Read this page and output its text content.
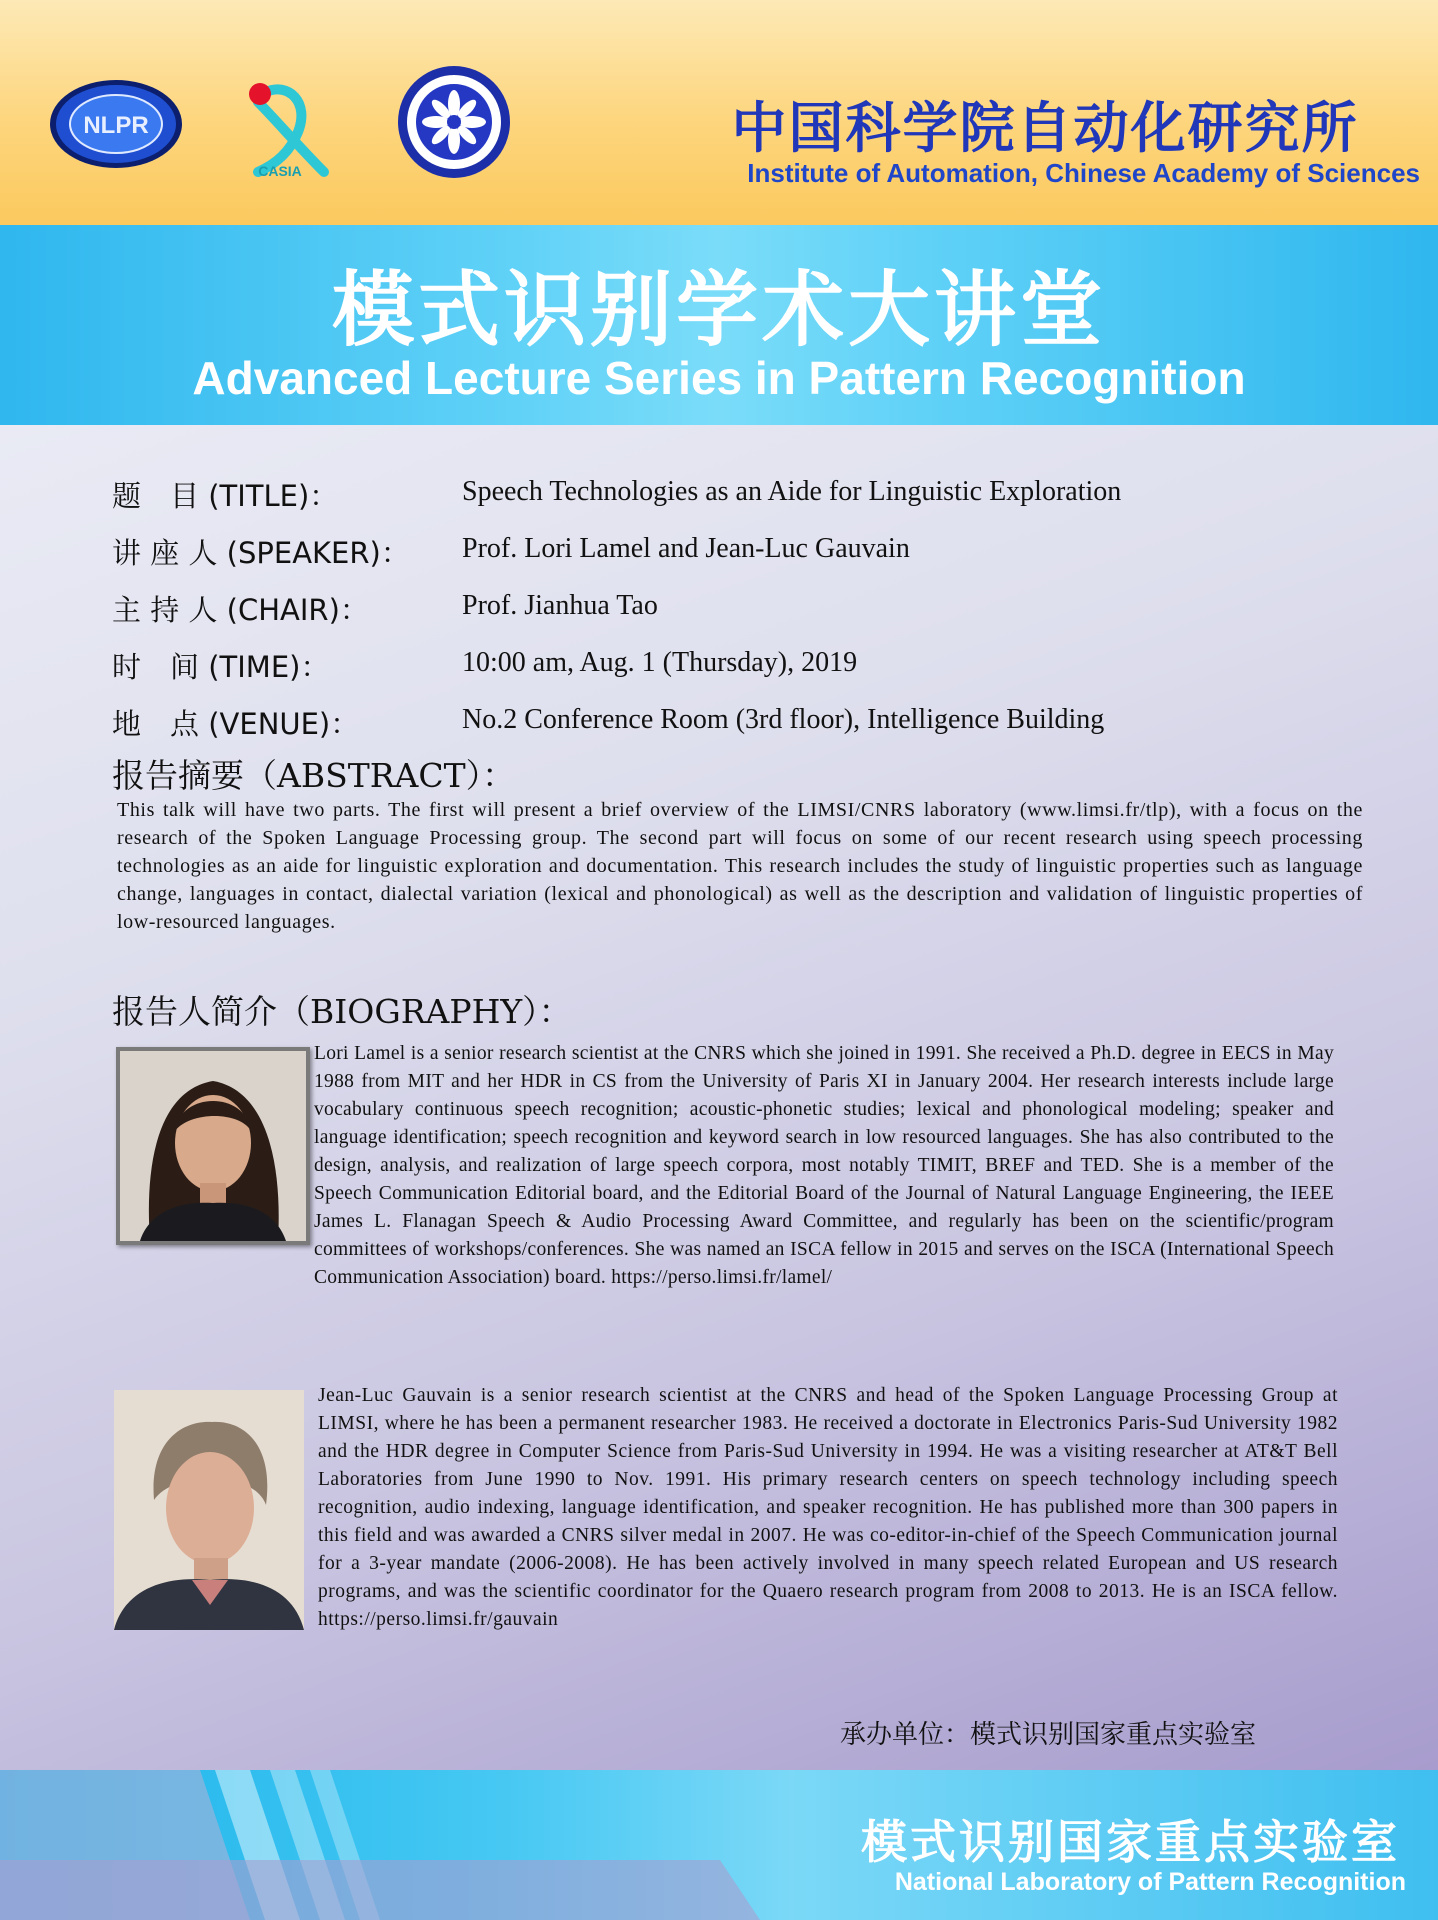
NLPR
CASIA
中国科学院自动化研究所
Institute of Automation, Chinese Academy of Sciences
模式识别学术大讲堂
Advanced Lecture Series in Pattern Recognition
题　目 (TITLE)：	Speech Technologies as an Aide for Linguistic Exploration
讲 座 人 (SPEAKER)：	Prof. Lori Lamel and Jean-Luc Gauvain
主 持 人 (CHAIR)：	Prof. Jianhua Tao
时　间 (TIME)：	10:00 am, Aug. 1 (Thursday), 2019
地　点 (VENUE)：	No.2 Conference Room (3rd floor), Intelligence Building
报告摘要（ABSTRACT）：
This talk will have two parts. The first will present a brief overview of the LIMSI/CNRS laboratory (www.limsi.fr/tlp), with a focus on the research of the Spoken Language Processing group. The second part will focus on some of our recent research using speech processing technologies as an aide for linguistic exploration and documentation. This research includes the study of linguistic properties such as language change, languages in contact, dialectal variation (lexical and phonological) as well as the description and validation of linguistic properties of low-resourced languages.
报告人简介（BIOGRAPHY）：
Lori Lamel is a senior research scientist at the CNRS which she joined in 1991. She received a Ph.D. degree in EECS in May 1988 from MIT and her HDR in CS from the University of Paris XI in January 2004. Her research interests include large vocabulary continuous speech recognition; acoustic-phonetic studies; lexical and phonological modeling; speaker and language identification; speech recognition and keyword search in low resourced languages. She has also contributed to the design, analysis, and realization of large speech corpora, most notably TIMIT, BREF and TED. She is a member of the Speech Communication Editorial board, and the Editorial Board of the Journal of Natural Language Engineering, the IEEE James L. Flanagan Speech & Audio Processing Award Committee, and regularly has been on the scientific/program committees of workshops/conferences. She was named an ISCA fellow in 2015 and serves on the ISCA (International Speech Communication Association) board. https://perso.limsi.fr/lamel/
Jean-Luc Gauvain is a senior research scientist at the CNRS and head of the Spoken Language Processing Group at LIMSI, where he has been a permanent researcher 1983. He received a doctorate in Electronics Paris-Sud University 1982 and the HDR degree in Computer Science from Paris-Sud University in 1994. He was a visiting researcher at AT&T Bell Laboratories from June 1990 to Nov. 1991. His primary research centers on speech technology including speech recognition, audio indexing, language identification, and speaker recognition. He has published more than 300 papers in this field and was awarded a CNRS silver medal in 2007. He was co-editor-in-chief of the Speech Communication journal for a 3-year mandate (2006-2008). He has been actively involved in many speech related European and US research programs, and was the scientific coordinator for the Quaero research program from 2008 to 2013. He is an ISCA fellow. https://perso.limsi.fr/gauvain
承办单位：模式识别国家重点实验室
模式识别国家重点实验室
National Laboratory of Pattern Recognition
